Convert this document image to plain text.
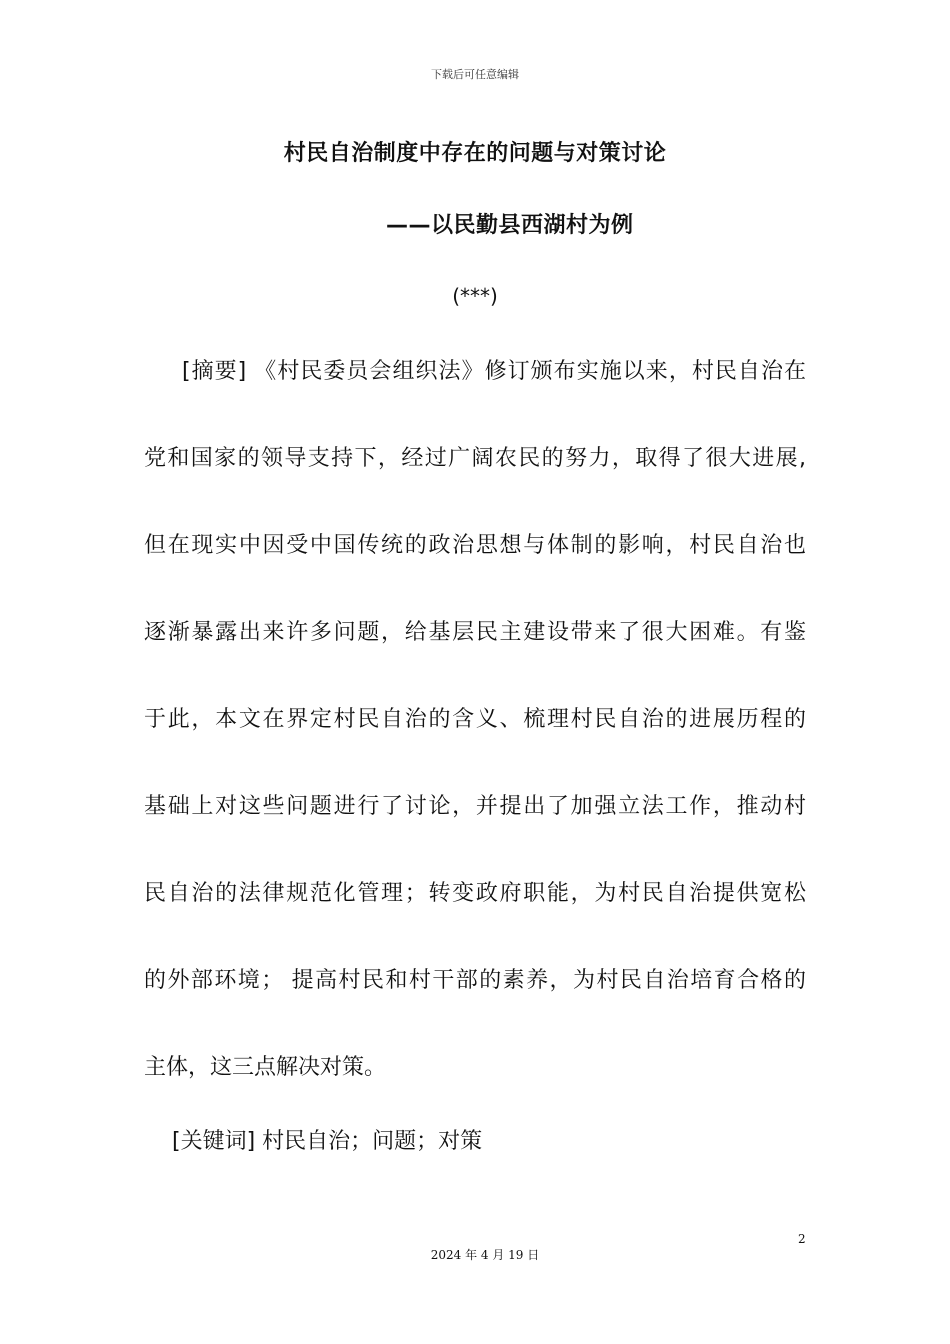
下载后可任意编辑
村民自治制度中存在的问题与对策讨论
——以民勤县西湖村为例
(***)
[摘要] 《村民委员会组织法》修订颁布实施以来，村民自治在
党和国家的领导支持下，经过广阔农民的努力，取得了很大进展,
但在现实中因受中国传统的政治思想与体制的影响，村民自治也
逐渐暴露出来许多问题，给基层民主建设带来了很大困难。有鉴
于此，本文在界定村民自治的含义、梳理村民自治的进展历程的
基础上对这些问题进行了讨论，并提出了加强立法工作，推动村
民自治的法律规范化管理；转变政府职能，为村民自治提供宽松
的外部环境； 提高村民和村干部的素养，为村民自治培育合格的
主体，这三点解决对策。
[关键词] 村民自治；问题；对策
2
2024 年 4 月 19 日
